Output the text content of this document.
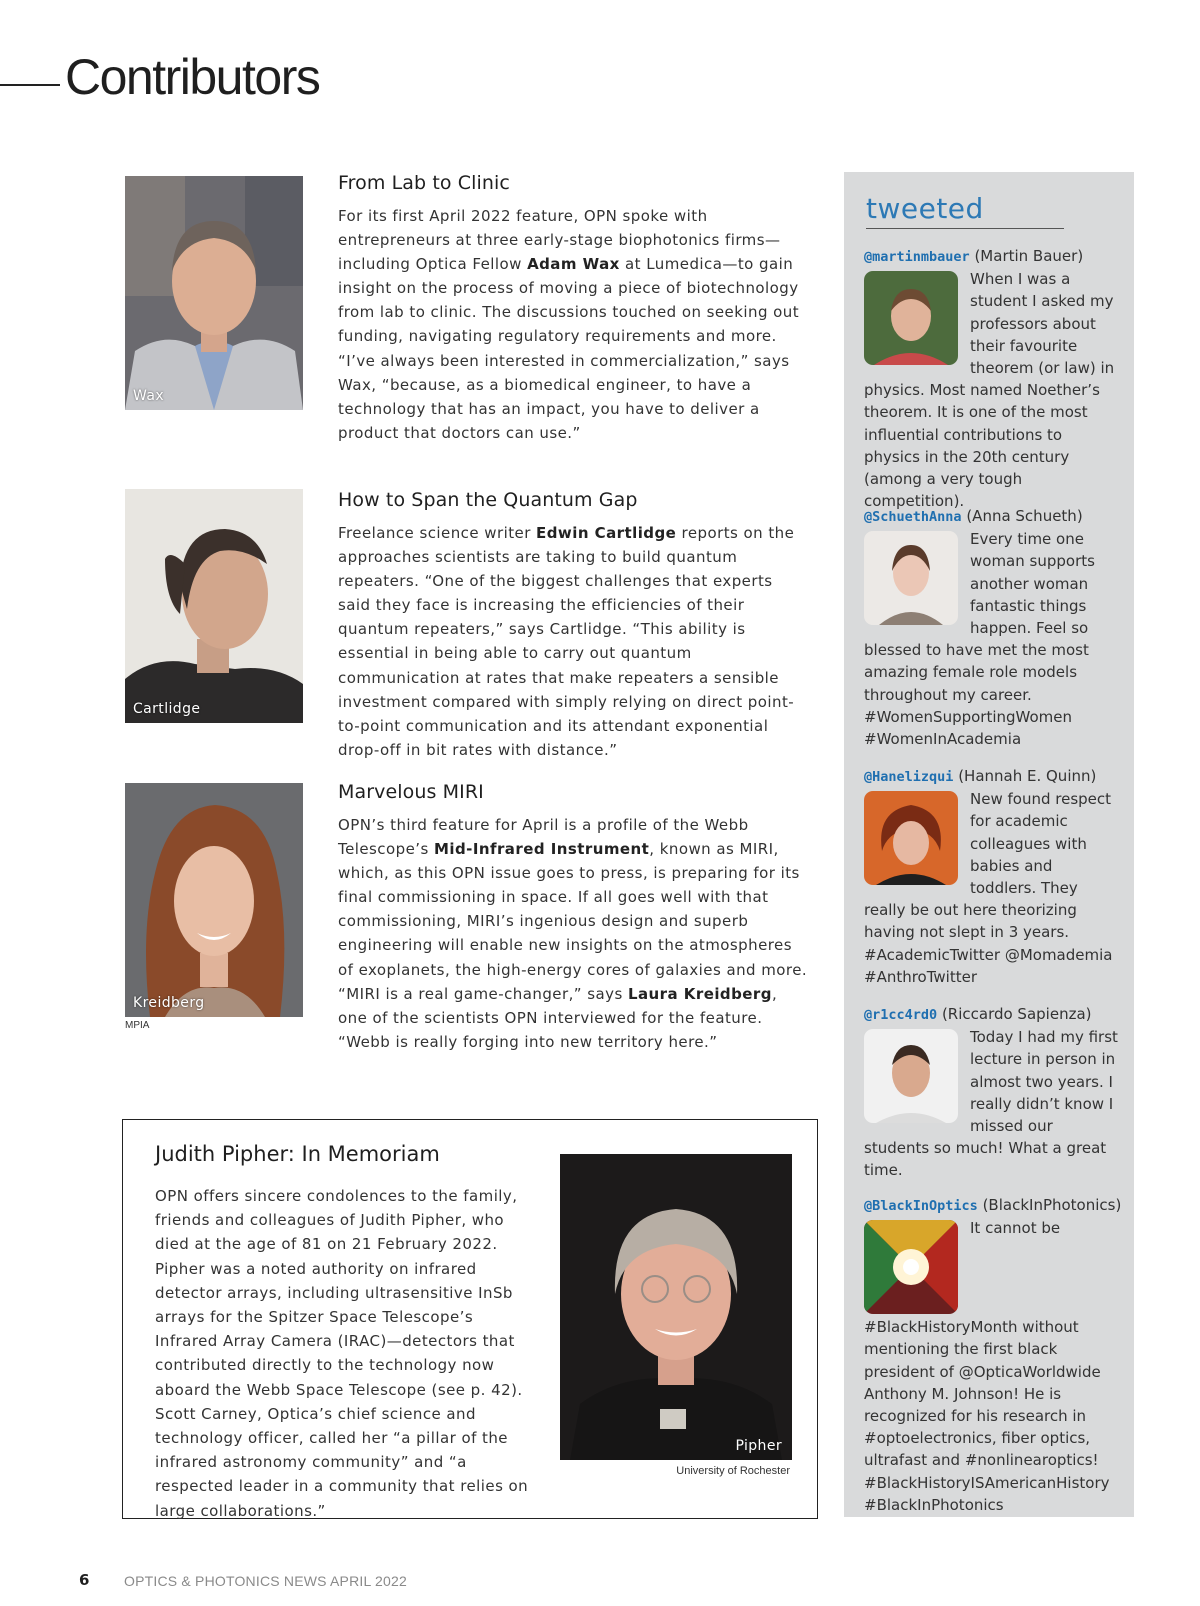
Contributors
Wax
From Lab to Clinic

For its first April 2022 feature, OPN spoke with entrepreneurs at three early-stage biophotonics firms—including Optica Fellow Adam Wax at Lumedica—to gain insight on the process of moving a piece of biotechnology from lab to clinic. The discussions touched on seeking out funding, navigating regulatory requirements and more. “I’ve always been interested in commercialization,” says Wax, “because, as a biomedical engineer, to have a technology that has an impact, you have to deliver a product that doctors can use.”

Cartlidge
How to Span the Quantum Gap

Freelance science writer Edwin Cartlidge reports on the approaches scientists are taking to build quantum repeaters. “One of the biggest challenges that experts said they face is increasing the efficiencies of their quantum repeaters,” says Cartlidge. “This ability is essential in being able to carry out quantum communication at rates that make repeaters a sensible investment compared with simply relying on direct point-to-point communication and its attendant exponential drop-off in bit rates with distance.”

Kreidberg
MPIA
Marvelous MIRI

OPN’s third feature for April is a profile of the Webb Telescope’s Mid-Infrared Instrument, known as MIRI, which, as this OPN issue goes to press, is preparing for its final commissioning in space. If all goes well with that commissioning, MIRI’s ingenious design and superb engineering will enable new insights on the atmospheres of exoplanets, the high-energy cores of galaxies and more. “MIRI is a real game-changer,” says Laura Kreidberg, one of the scientists OPN interviewed for the feature. “Webb is really forging into new territory here.”

Judith Pipher: In Memoriam

OPN offers sincere condolences to the family, friends and colleagues of Judith Pipher, who died at the age of 81 on 21 February 2022. Pipher was a noted authority on infrared detector arrays, including ultrasensitive InSb arrays for the Spitzer Space Telescope’s Infrared Array Camera (IRAC)—detectors that contributed directly to the technology now aboard the Webb Space Telescope (see p. 42). Scott Carney, Optica’s chief science and technology officer, called her “a pillar of the infrared astronomy community” and “a respected leader in a community that relies on large collaborations.”

Pipher
University of Rochester
tweeted
@martinmbauer (Martin Bauer)
When I was a student I asked my professors about their favourite theorem (or law) in physics. Most named Noether’s theorem. It is one of the most influential contributions to physics in the 20th century (among a very tough competition).
@SchuethAnna (Anna Schueth)
Every time one woman supports another woman fantastic things happen. Feel so blessed to have met the most amazing female role models throughout my career. #WomenSupportingWomen #WomenInAcademia
@Hanelizqui (Hannah E. Quinn)
New found respect for academic colleagues with babies and toddlers. They really be out here theorizing having not slept in 3 years. #AcademicTwitter @Momademia #AnthroTwitter
@r1cc4rd0 (Riccardo Sapienza)
Today I had my first lecture in person in almost two years. I really didn’t know I missed our students so much! What a great time.
@BlackInOptics (BlackInPhotonics)
It cannot be #BlackHistoryMonth without mentioning the first black president of @OpticaWorldwide Anthony M. Johnson! He is recognized for his research in #optoelectronics, fiber optics, ultrafast and #nonlinearoptics! #BlackHistoryISAmericanHistory #BlackInPhotonics
6 OPTICS & PHOTONICS NEWS APRIL 2022
